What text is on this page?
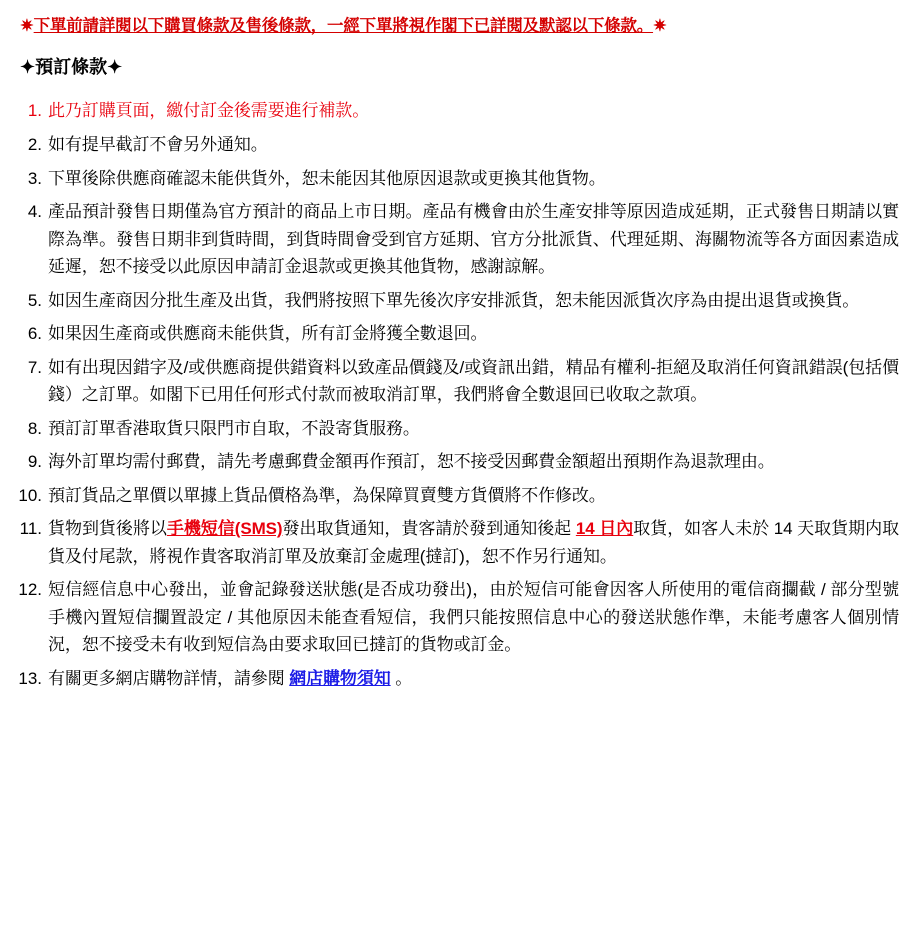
✷下單前請詳閱以下購買條款及售後條款，一經下單將視作閣下已詳閱及默認以下條款。✷
✦預訂條款✦
1. 此乃訂購頁面，繳付訂金後需要進行補款。
2. 如有提早截訂不會另外通知。
3. 下單後除供應商確認未能供貨外，恕未能因其他原因退款或更換其他貨物。
4. 產品預計發售日期僅為官方預計的商品上市日期。產品有機會由於生產安排等原因造成延期，正式發售日期請以實際為準。發售日期非到貨時間，到貨時間會受到官方延期、官方分批派貨、代理延期、海關物流等各方面因素造成延遲，恕不接受以此原因申請訂金退款或更換其他貨物，感謝諒解。
5. 如因生產商因分批生產及出貨，我們將按照下單先後次序安排派貨，恕未能因派貨次序為由提出退貨或換貨。
6. 如果因生產商或供應商未能供貨，所有訂金將獲全數退回。
7. 如有出現因錯字及/或供應商提供錯資料以致產品價錢及/或資訊出錯，精品有權利-拒絕及取消任何資訊錯誤(包括價錢）之訂單。如閣下已用任何形式付款而被取消訂單，我們將會全數退回已收取之款項。
8. 預訂訂單香港取貨只限門市自取，不設寄貨服務。
9. 海外訂單均需付郵費，請先考慮郵費金額再作預訂，恕不接受因郵費金額超出預期作為退款理由。
10. 預訂貨品之單價以單據上貨品價格為準，為保障買賣雙方貨價將不作修改。
11. 貨物到貨後將以手機短信(SMS)發出取貨通知，貴客請於發到通知後起 14 日內取貨，如客人未於 14 天取貨期内取貨及付尾款，將視作貴客取消訂單及放棄訂金處理(撻訂)，恕不作另行通知。
12. 短信經信息中心發出，並會記錄發送狀態(是否成功發出)，由於短信可能會因客人所使用的電信商攔截 / 部分型號手機內置短信攔置設定 / 其他原因未能查看短信，我們只能按照信息中心的發送狀態作準，未能考慮客人個別情況，恕不接受未有收到短信為由要求取回已撻訂的貨物或訂金。
13. 有關更多網店購物詳情，請參閱 網店購物須知 。
